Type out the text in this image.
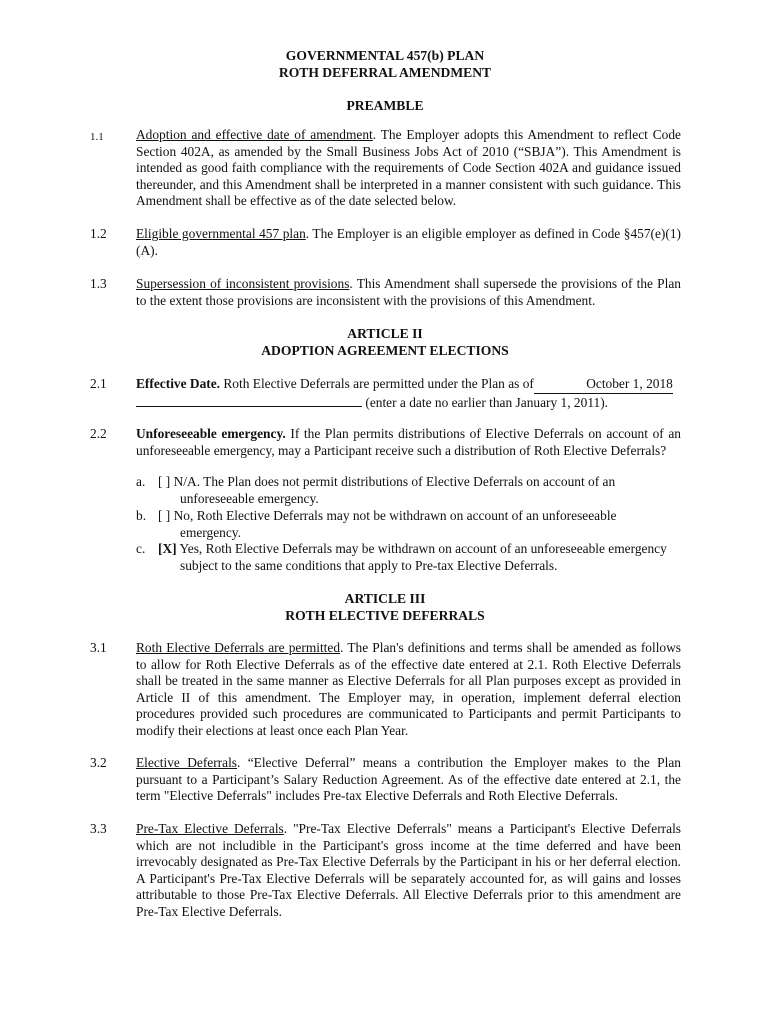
GOVERNMENTAL 457(b) PLAN
ROTH DEFERRAL AMENDMENT
PREAMBLE
1.1	Adoption and effective date of amendment. The Employer adopts this Amendment to reflect Code Section 402A, as amended by the Small Business Jobs Act of 2010 (“SBJA”). This Amendment is intended as good faith compliance with the requirements of Code Section 402A and guidance issued thereunder, and this Amendment shall be interpreted in a manner consistent with such guidance. This Amendment shall be effective as of the date selected below.
1.2	Eligible governmental 457 plan. The Employer is an eligible employer as defined in Code §457(e)(1)(A).
1.3	Supersession of inconsistent provisions. This Amendment shall supersede the provisions of the Plan to the extent those provisions are inconsistent with the provisions of this Amendment.
ARTICLE II
ADOPTION AGREEMENT ELECTIONS
2.1	Effective Date. Roth Elective Deferrals are permitted under the Plan as of	October 1, 2018
(enter a date no earlier than January 1, 2011).
2.2	Unforeseeable emergency. If the Plan permits distributions of Elective Deferrals on account of an unforeseeable emergency, may a Participant receive such a distribution of Roth Elective Deferrals?
a. [ ] N/A. The Plan does not permit distributions of Elective Deferrals on account of an
unforeseeable emergency.
b. [ ] No, Roth Elective Deferrals may not be withdrawn on account of an unforeseeable
emergency.
c. [X] Yes, Roth Elective Deferrals may be withdrawn on account of an unforeseeable emergency
subject to the same conditions that apply to Pre-tax Elective Deferrals.
ARTICLE III
ROTH ELECTIVE DEFERRALS
3.1	Roth Elective Deferrals are permitted. The Plan's definitions and terms shall be amended as follows to allow for Roth Elective Deferrals as of the effective date entered at 2.1. Roth Elective Deferrals shall be treated in the same manner as Elective Deferrals for all Plan purposes except as provided in Article II of this amendment. The Employer may, in operation, implement deferral election procedures provided such procedures are communicated to Participants and permit Participants to modify their elections at least once each Plan Year.
3.2	Elective Deferrals. “Elective Deferral” means a contribution the Employer makes to the Plan pursuant to a Participant’s Salary Reduction Agreement. As of the effective date entered at 2.1, the term "Elective Deferrals" includes Pre-tax Elective Deferrals and Roth Elective Deferrals.
3.3	Pre-Tax Elective Deferrals. "Pre-Tax Elective Deferrals" means a Participant's Elective Deferrals which are not includible in the Participant's gross income at the time deferred and have been irrevocably designated as Pre-Tax Elective Deferrals by the Participant in his or her deferral election. A Participant's Pre-Tax Elective Deferrals will be separately accounted for, as will gains and losses attributable to those Pre-Tax Elective Deferrals. All Elective Deferrals prior to this amendment are Pre-Tax Elective Deferrals.
